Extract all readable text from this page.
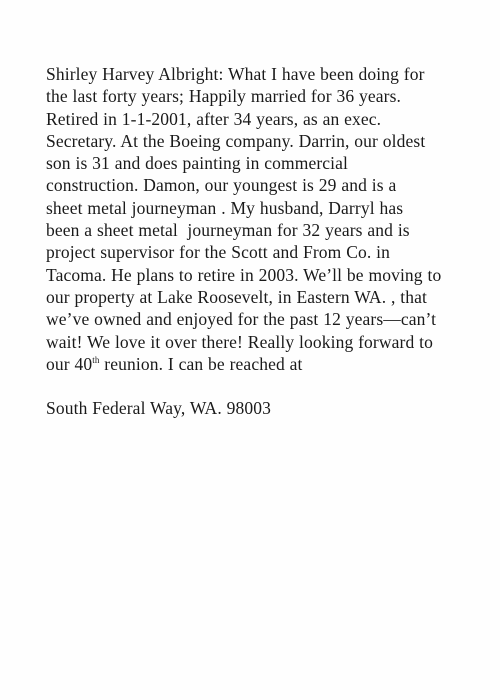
Shirley Harvey Albright: What I have been doing for
the last forty years; Happily married for 36 years.
Retired in 1-1-2001, after 34 years, as an exec.
Secretary. At the Boeing company. Darrin, our oldest
son is 31 and does painting in commercial
construction. Damon, our youngest is 29 and is a
sheet metal journeyman . My husband, Darryl has
been a sheet metal  journeyman for 32 years and is
project supervisor for the Scott and From Co. in
Tacoma. He plans to retire in 2003. We’ll be moving to
our property at Lake Roosevelt, in Eastern WA. , that
we’ve owned and enjoyed for the past 12 years—can’t
wait! We love it over there! Really looking forward to
our 40th reunion. I can be reached at
South Federal Way, WA. 98003
